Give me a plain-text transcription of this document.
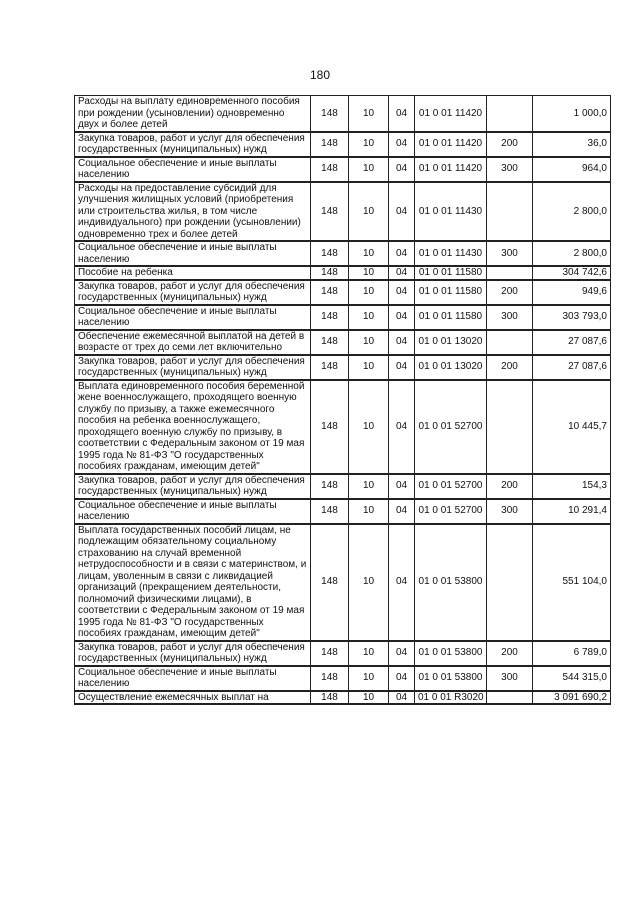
180
Расходы на выплату единовременного пособия при рождении (усыновлении) одновременно двух и более детей	148	10	04	01 0 01 11420		1 000,0
Закупка товаров, работ и услуг для обеспечения государственных (муниципальных) нужд	148	10	04	01 0 01 11420	200	36,0
Социальное обеспечение и иные выплаты населению	148	10	04	01 0 01 11420	300	964,0
Расходы на предоставление субсидий для улучшения жилищных условий (приобретения или строительства жилья, в том числе индивидуального) при рождении (усыновлении) одновременно трех и более детей	148	10	04	01 0 01 11430		2 800,0
Социальное обеспечение и иные выплаты населению	148	10	04	01 0 01 11430	300	2 800,0
Пособие на ребенка	148	10	04	01 0 01 11580		304 742,6
Закупка товаров, работ и услуг для обеспечения государственных (муниципальных) нужд	148	10	04	01 0 01 11580	200	949,6
Социальное обеспечение и иные выплаты населению	148	10	04	01 0 01 11580	300	303 793,0
Обеспечение ежемесячной выплатой на детей в возрасте от трех до семи лет включительно	148	10	04	01 0 01 13020		27 087,6
Закупка товаров, работ и услуг для обеспечения государственных (муниципальных) нужд	148	10	04	01 0 01 13020	200	27 087,6
Выплата единовременного пособия беременной жене военнослужащего, проходящего военную службу по призыву, а также ежемесячного пособия на ребенка военнослужащего, проходящего военную службу по призыву, в соответствии с Федеральным законом от 19 мая 1995 года № 81-ФЗ "О государственных пособиях гражданам, имеющим детей"	148	10	04	01 0 01 52700		10 445,7
Закупка товаров, работ и услуг для обеспечения государственных (муниципальных) нужд	148	10	04	01 0 01 52700	200	154,3
Социальное обеспечение и иные выплаты населению	148	10	04	01 0 01 52700	300	10 291,4
Выплата государственных пособий лицам, не подлежащим обязательному социальному страхованию на случай временной нетрудоспособности и в связи с материнством, и лицам, уволенным в связи с ликвидацией организаций (прекращением деятельности, полномочий физическими лицами), в соответствии с Федеральным законом от 19 мая 1995 года № 81-ФЗ "О государственных пособиях гражданам, имеющим детей"	148	10	04	01 0 01 53800		551 104,0
Закупка товаров, работ и услуг для обеспечения государственных (муниципальных) нужд	148	10	04	01 0 01 53800	200	6 789,0
Социальное обеспечение и иные выплаты населению	148	10	04	01 0 01 53800	300	544 315,0
Осуществление ежемесячных выплат на	148	10	04	01 0 01 R3020		3 091 690,2
